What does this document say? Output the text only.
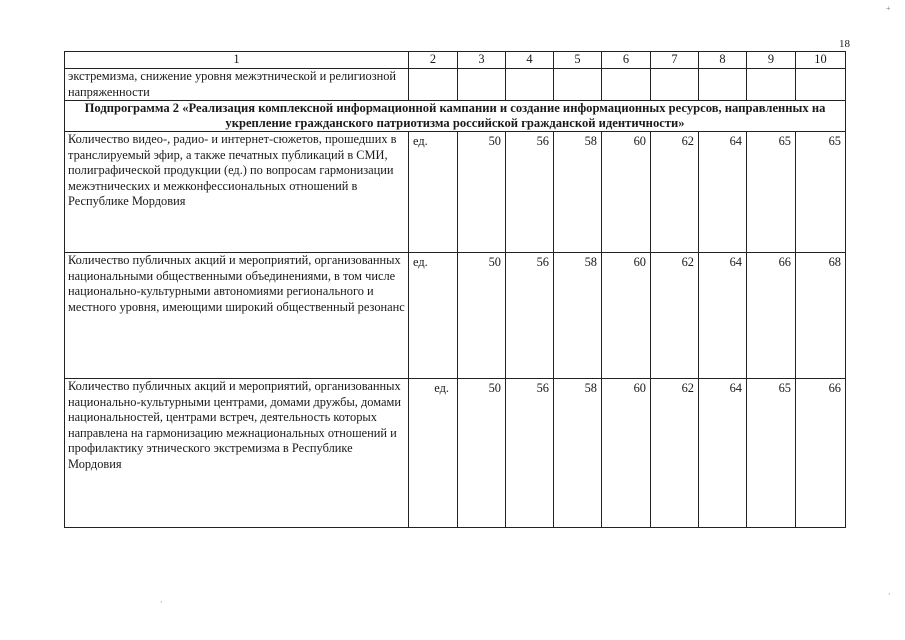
18
1	2	3	4	5	6	7	8	9	10
экстремизма, снижение уровня межэтнической и религиозной напряженности									
Подпрограмма 2 «Реализация комплексной информационной кампании и создание информационных ресурсов, направленных на укрепление гражданского патриотизма российской гражданской идентичности»									
Количество видео-, радио- и интернет-сюжетов, прошедших в транслируемый эфир, а также печатных публикаций в СМИ, полиграфической продукции (ед.) по вопросам гармонизации межэтнических и межконфессиональных отношений в Республике Мордовия	ед.	50	56	58	60	62	64	65	65
Количество публичных акций и мероприятий, организованных национальными общественными объединениями, в том числе национально-культурными автономиями регионального и местного уровня, имеющими широкий общественный резонанс	ед.	50	56	58	60	62	64	66	68
Количество публичных акций и мероприятий, организованных национально-культурными центрами, домами дружбы, домами национальностей, центрами встреч, деятельность которых направлена на гармонизацию межнациональных отношений и профилактику этнического экстремизма в Республике Мордовия	ед.	50	56	58	60	62	64	65	66
+
·
·
